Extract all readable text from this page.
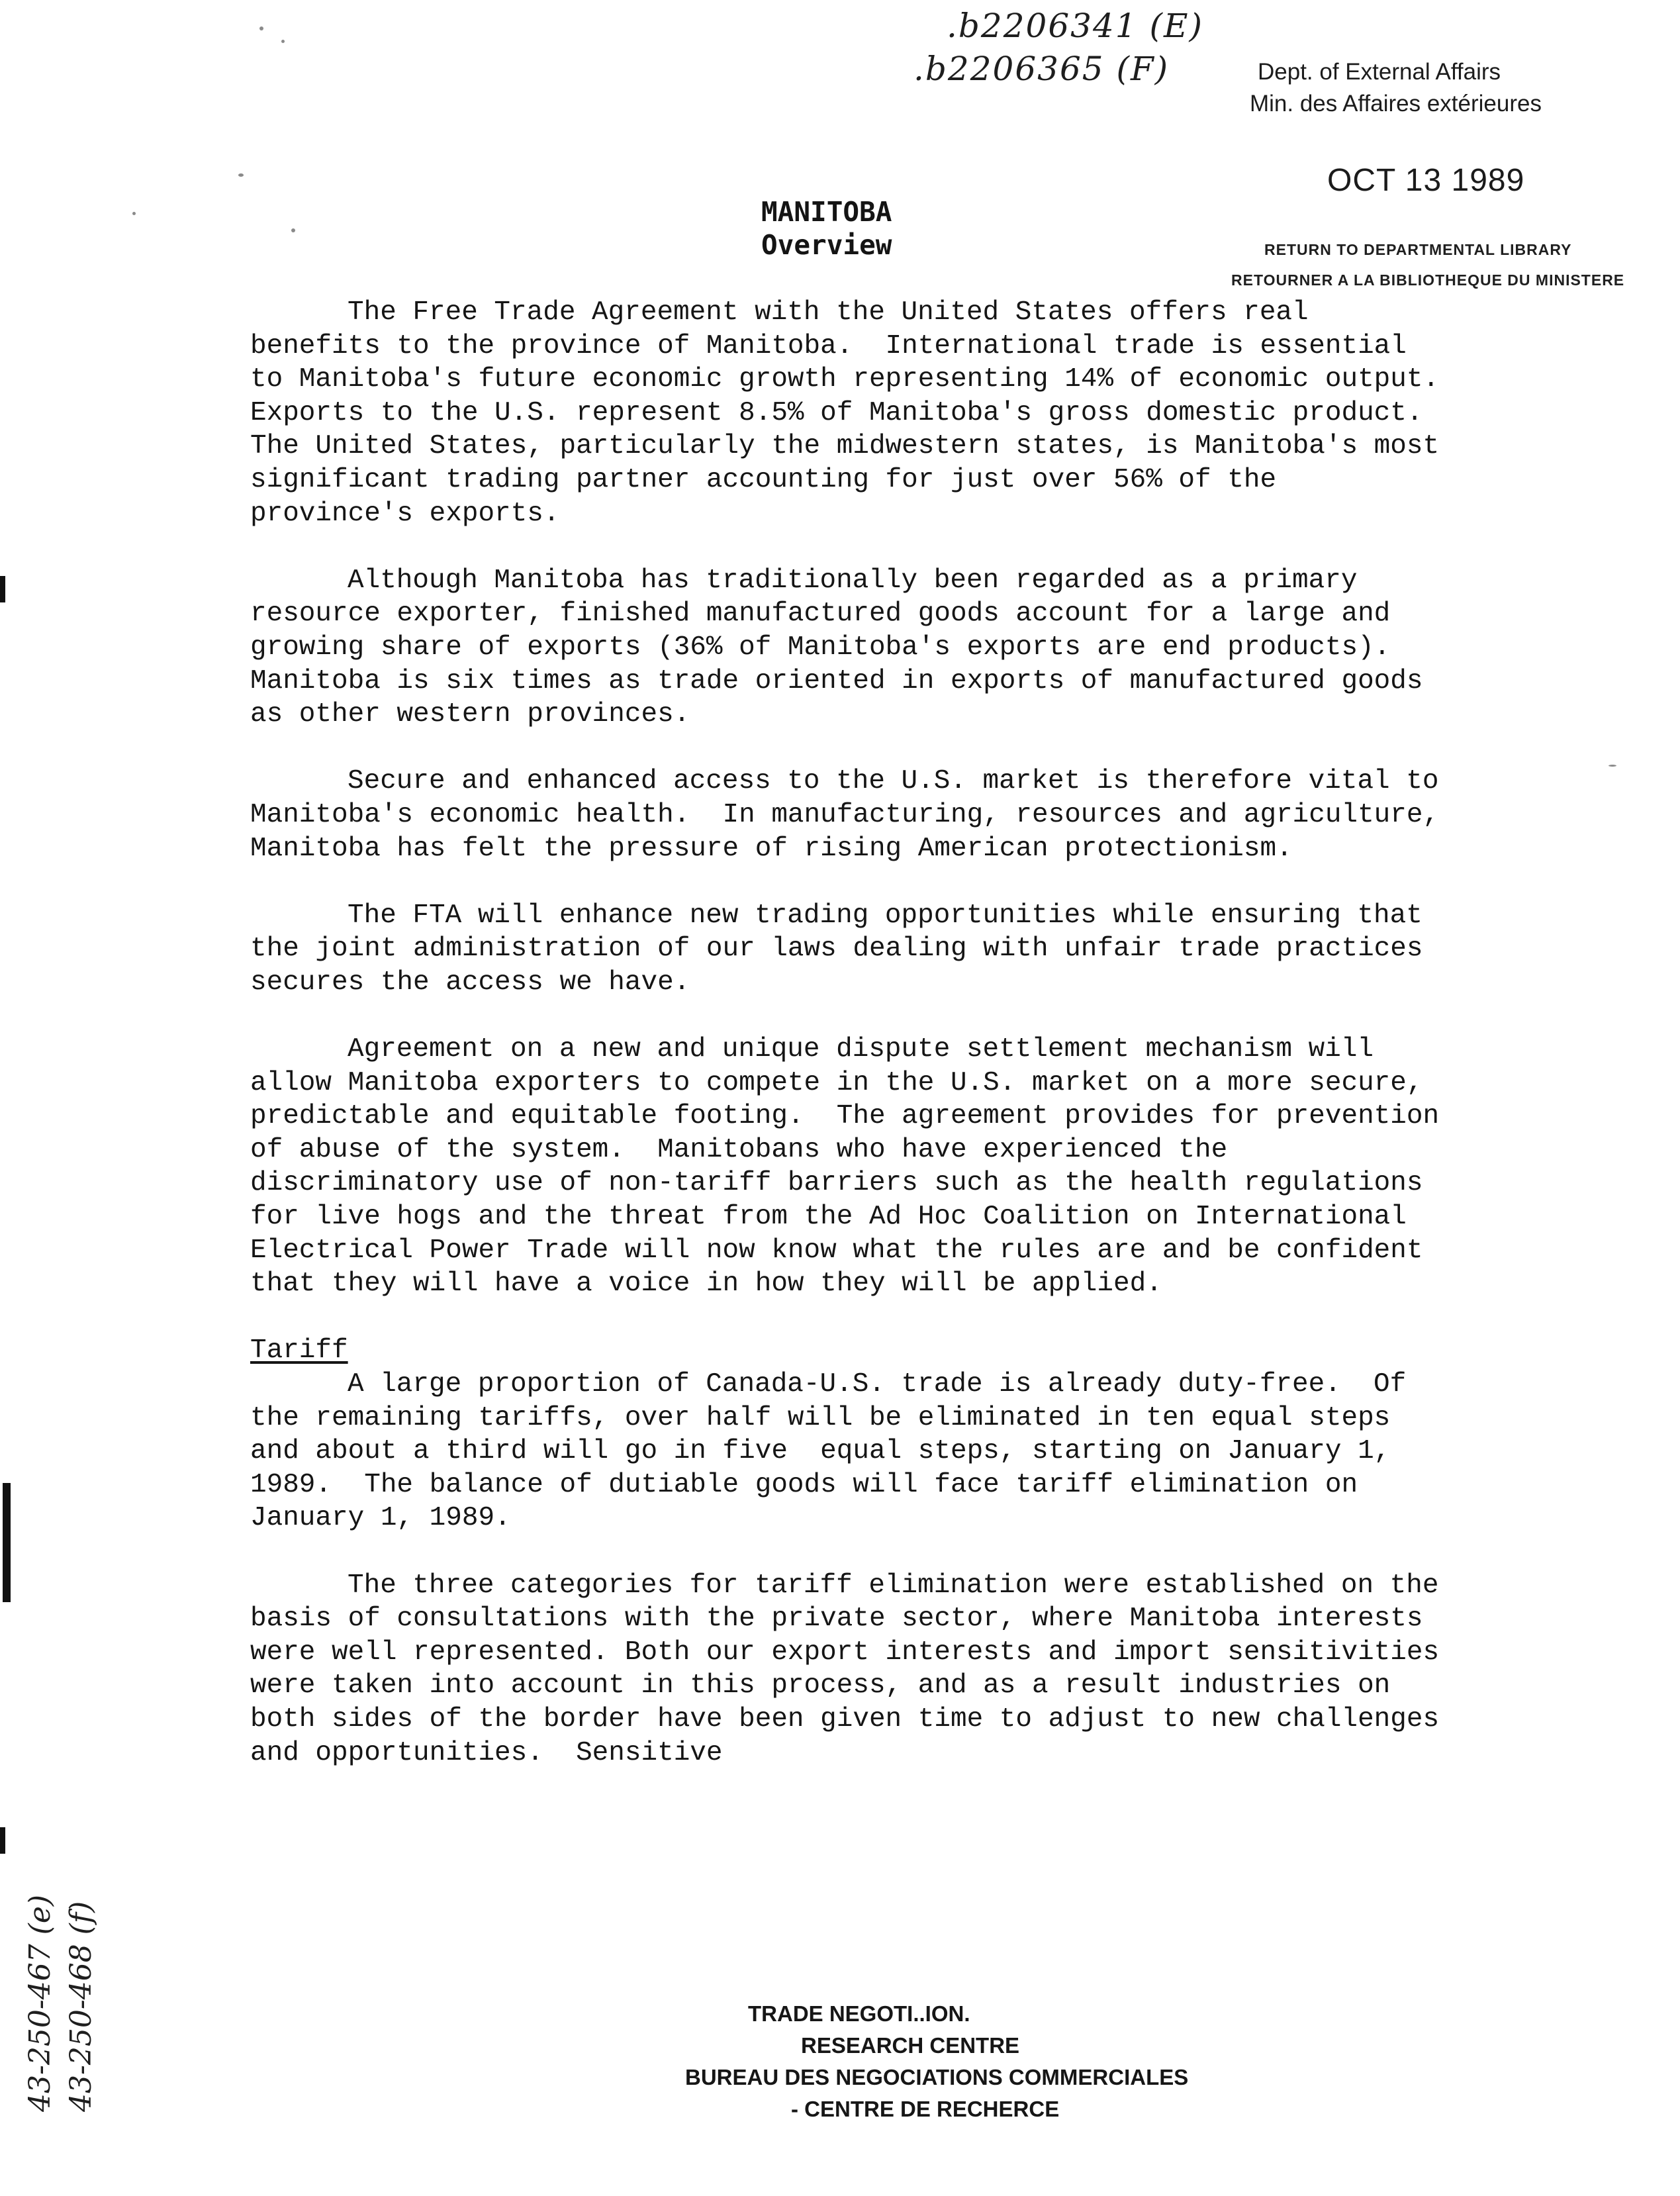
.b2206341 (E)
.b2206365 (F)	Dept. of External Affairs
Min. des Affaires extérieures
OCT 13 1989
RETURN TO DEPARTMENTAL LIBRARY
RETOURNER A LA BIBLIOTHEQUE DU MINISTERE
MANITOBA
Overview

The Free Trade Agreement with the United States offers real benefits to the province of Manitoba.  International trade is essential to Manitoba's future economic growth representing 14% of economic output.  Exports to the U.S. represent 8.5% of Manitoba's gross domestic product.  The United States, particularly the midwestern states, is Manitoba's most significant trading partner accounting for just over 56% of the province's exports.

Although Manitoba has traditionally been regarded as a primary resource exporter, finished manufactured goods account for a large and growing share of exports (36% of Manitoba's exports are end products).  Manitoba is six times as trade oriented in exports of manufactured goods as other western provinces.

Secure and enhanced access to the U.S. market is therefore vital to Manitoba's economic health.  In manufacturing, resources and agriculture, Manitoba has felt the pressure of rising American protectionism.

The FTA will enhance new trading opportunities while ensuring that the joint administration of our laws dealing with unfair trade practices secures the access we have.

Agreement on a new and unique dispute settlement mechanism will allow Manitoba exporters to compete in the U.S. market on a more secure, predictable and equitable footing.  The agreement provides for prevention of abuse of the system.  Manitobans who have experienced the discriminatory use of non-tariff barriers such as the health regulations for live hogs and the threat from the Ad Hoc Coalition on International Electrical Power Trade will now know what the rules are and be confident that they will have a voice in how they will be applied.

Tariff

A large proportion of Canada-U.S. trade is already duty-free.  Of the remaining tariffs, over half will be eliminated in ten equal steps and about a third will go in five  equal steps, starting on January 1, 1989.  The balance of dutiable goods will face tariff elimination on January 1, 1989.

The three categories for tariff elimination were established on the basis of consultations with the private sector, where Manitoba interests were well represented. Both our export interests and import sensitivities were taken into account in this process, and as a result industries on both sides of the border have been given time to adjust to new challenges and opportunities.  Sensitive

TRADE NEGOTI..ION.
RESEARCH CENTRE
BUREAU DES NEGOCIATIONS COMMERCIALES
- CENTRE DE RECHERCE
43-250-467 (e) 43-250-468 (f)
